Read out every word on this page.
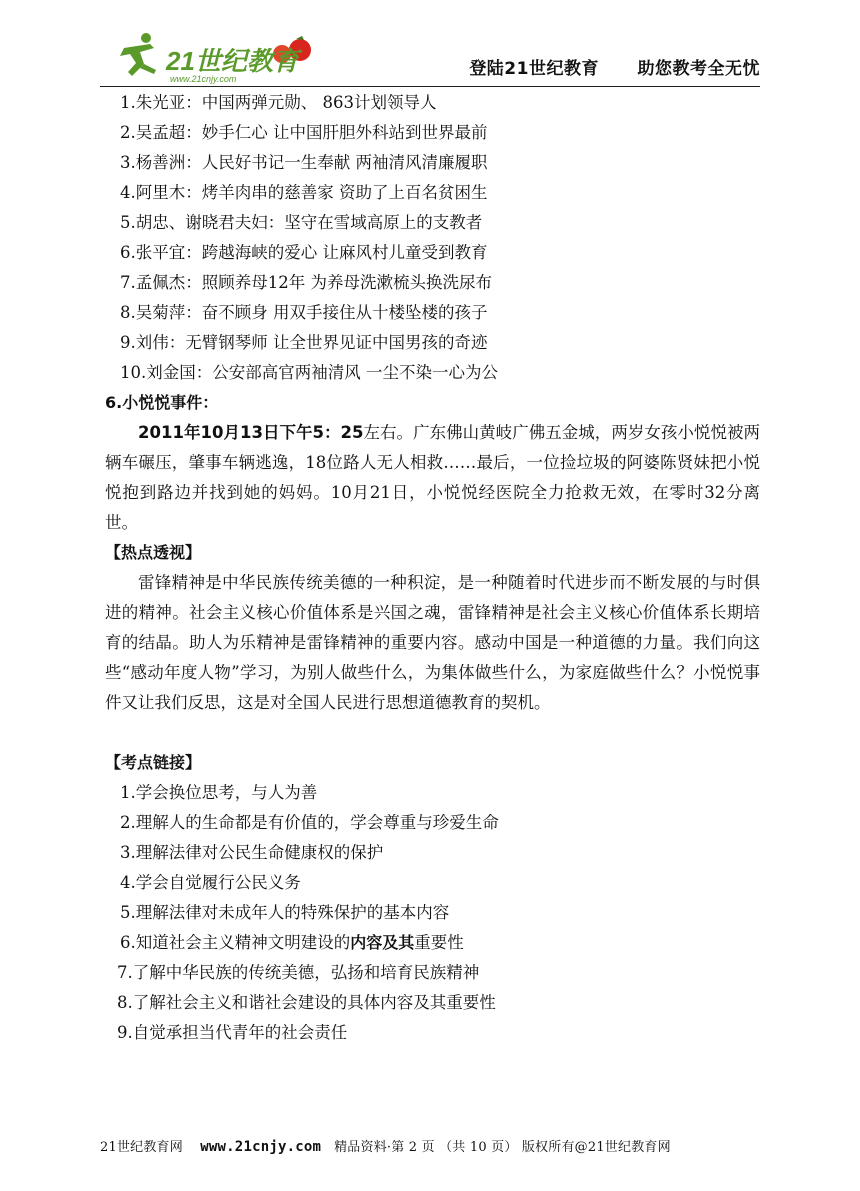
21世纪教育
www.21cnjy.com	登陆21世纪教育 助您教考全无忧
1.朱光亚：中国两弹元勋、 863计划领导人
2.吴孟超：妙手仁心 让中国肝胆外科站到世界最前
3.杨善洲：人民好书记一生奉献 两袖清风清廉履职
4.阿里木：烤羊肉串的慈善家 资助了上百名贫困生
5.胡忠、谢晓君夫妇：坚守在雪域高原上的支教者
6.张平宜：跨越海峡的爱心 让麻风村儿童受到教育
7.孟佩杰：照顾养母12年 为养母洗漱梳头换洗尿布
8.吴菊萍：奋不顾身 用双手接住从十楼坠楼的孩子
9.刘伟：无臂钢琴师 让全世界见证中国男孩的奇迹
10.刘金国：公安部高官两袖清风 一尘不染一心为公
6.小悦悦事件：

2011年10月13日下午5：25左右。广东佛山黄岐广佛五金城，两岁女孩小悦悦被两辆车碾压，肇事车辆逃逸，18位路人无人相救……最后，一位捡垃圾的阿婆陈贤妹把小悦悦抱到路边并找到她的妈妈。10月21日，小悦悦经医院全力抢救无效，在零时32分离世。

【热点透视】

雷锋精神是中华民族传统美德的一种积淀，是一种随着时代进步而不断发展的与时俱进的精神。社会主义核心价值体系是兴国之魂，雷锋精神是社会主义核心价值体系长期培育的结晶。助人为乐精神是雷锋精神的重要内容。感动中国是一种道德的力量。我们向这些“感动年度人物”学习，为别人做些什么，为集体做些什么，为家庭做些什么？小悦悦事件又让我们反思，这是对全国人民进行思想道德教育的契机。

【考点链接】
1.学会换位思考，与人为善
2.理解人的生命都是有价值的，学会尊重与珍爱生命
3.理解法律对公民生命健康权的保护
4.学会自觉履行公民义务
5.理解法律对未成年人的特殊保护的基本内容
6.知道社会主义精神文明建设的内容及其重要性
7.了解中华民族的传统美德，弘扬和培育民族精神
8.了解社会主义和谐社会建设的具体内容及其重要性
9.自觉承担当代青年的社会责任
21世纪教育网 www.21cnjy.com 精品资料·第 2 页 （共 10 页） 版权所有@21世纪教育网
